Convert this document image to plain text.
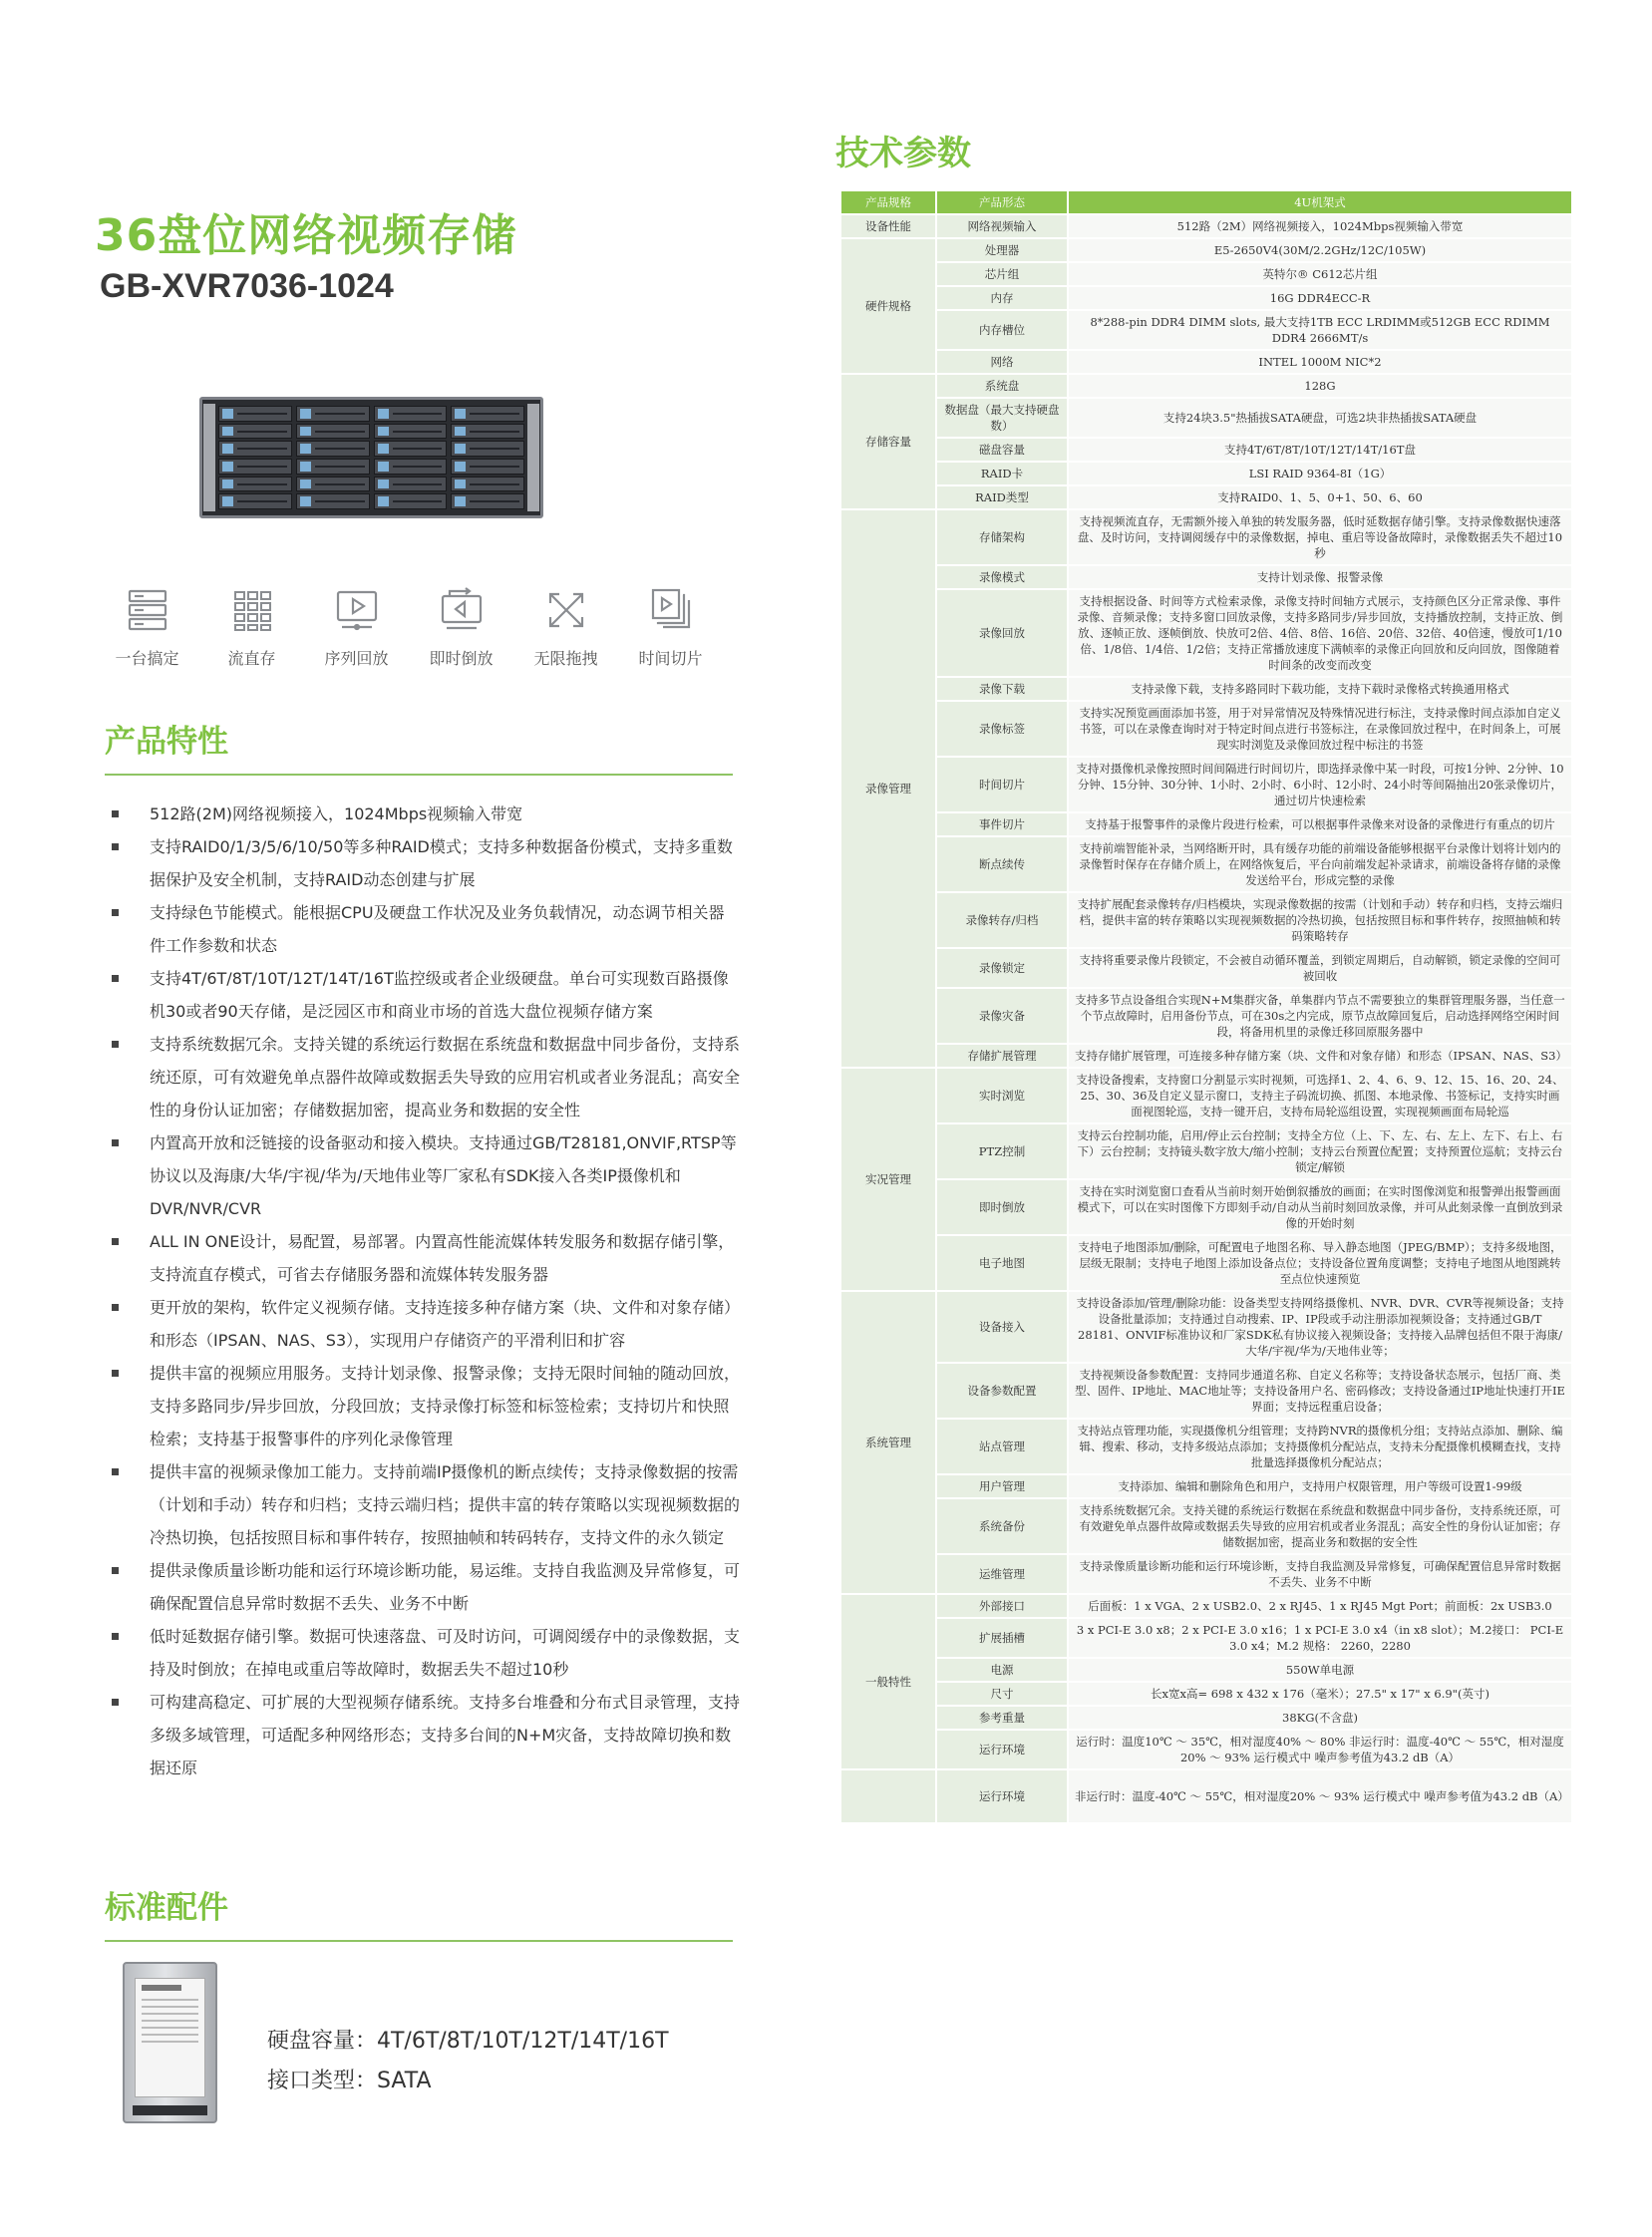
36盘位网络视频存储
GB-XVR7036-1024
一台搞定	流直存	序列回放	即时倒放	无限拖拽	时间切片
产品特性
512路(2M)网络视频接入，1024Mbps视频输入带宽
支持RAID0/1/3/5/6/10/50等多种RAID模式；支持多种数据备份模式，支持多重数据保护及安全机制，支持RAID动态创建与扩展
支持绿色节能模式。能根据CPU及硬盘工作状况及业务负载情况，动态调节相关器件工作参数和状态
支持4T/6T/8T/10T/12T/14T/16T监控级或者企业级硬盘。单台可实现数百路摄像机30或者90天存储，是泛园区市和商业市场的首选大盘位视频存储方案
支持系统数据冗余。支持关键的系统运行数据在系统盘和数据盘中同步备份，支持系统还原，可有效避免单点器件故障或数据丢失导致的应用宕机或者业务混乱；高安全性的身份认证加密；存储数据加密，提高业务和数据的安全性
内置高开放和泛链接的设备驱动和接入模块。支持通过GB/T28181,ONVIF,RTSP等协议以及海康/大华/宇视/华为/天地伟业等厂家私有SDK接入各类IP摄像机和DVR/NVR/CVR
ALL IN ONE设计，易配置，易部署。内置高性能流媒体转发服务和数据存储引擎，支持流直存模式，可省去存储服务器和流媒体转发服务器
更开放的架构，软件定义视频存储。支持连接多种存储方案（块、文件和对象存储）和形态（IPSAN、NAS、S3），实现用户存储资产的平滑利旧和扩容
提供丰富的视频应用服务。支持计划录像、报警录像；支持无限时间轴的随动回放，支持多路同步/异步回放，分段回放；支持录像打标签和标签检索；支持切片和快照检索；支持基于报警事件的序列化录像管理
提供丰富的视频录像加工能力。支持前端IP摄像机的断点续传；支持录像数据的按需（计划和手动）转存和归档；支持云端归档；提供丰富的转存策略以实现视频数据的冷热切换，包括按照目标和事件转存，按照抽帧和转码转存，支持文件的永久锁定
提供录像质量诊断功能和运行环境诊断功能，易运维。支持自我监测及异常修复，可确保配置信息异常时数据不丢失、业务不中断
低时延数据存储引擎。数据可快速落盘、可及时访问，可调阅缓存中的录像数据，支持及时倒放；在掉电或重启等故障时，数据丢失不超过10秒
可构建高稳定、可扩展的大型视频存储系统。支持多台堆叠和分布式目录管理，支持多级多域管理，可适配多种网络形态；支持多台间的N+M灾备，支持故障切换和数据还原
标准配件
硬盘容量：4T/6T/8T/10T/12T/14T/16T
接口类型：SATA
技术参数
产品规格	产品形态	4U机架式
设备性能	网络视频输入	512路（2M）网络视频接入，1024Mbps视频输入带宽
硬件规格	处理器	E5-2650V4(30M/2.2GHz/12C/105W)
	芯片组	英特尔® C612芯片组
	内存	16G DDR4ECC-R
	内存槽位	8*288-pin DDR4 DIMM slots, 最大支持1TB ECC LRDIMM或512GB ECC RDIMM DDR4 2666MT/s
	网络	INTEL 1000M NIC*2
存储容量	系统盘	128G
	数据盘（最大支持硬盘数）	支持24块3.5"热插拔SATA硬盘，可选2块非热插拔SATA硬盘
	磁盘容量	支持4T/6T/8T/10T/12T/14T/16T盘
	RAID卡	LSI RAID 9364-8I（1G）
	RAID类型	支持RAID0、1、5、0+1、50、6、60
录像管理	存储架构	支持视频流直存，无需额外接入单独的转发服务器，低时延数据存储引擎。支持录像数据快速落盘、及时访问，支持调阅缓存中的录像数据，掉电、重启等设备故障时，录像数据丢失不超过10秒
	录像模式	支持计划录像、报警录像
	录像回放	支持根据设备、时间等方式检索录像，录像支持时间轴方式展示，支持颜色区分正常录像、事件录像、音频录像；支持多窗口回放录像，支持多路同步/异步回放，支持播放控制，支持正放、倒放、逐帧正放、逐帧倒放、快放可2倍、4倍、8倍、16倍、20倍、32倍、40倍速，慢放可1/10倍、1/8倍、1/4倍、1/2倍；支持正常播放速度下满帧率的录像正向回放和反向回放，图像随着时间条的改变而改变
	录像下载	支持录像下载，支持多路同时下载功能，支持下载时录像格式转换通用格式
	录像标签	支持实况预览画面添加书签，用于对异常情况及特殊情况进行标注，支持录像时间点添加自定义书签，可以在录像查询时对于特定时间点进行书签标注，在录像回放过程中，在时间条上，可展现实时浏览及录像回放过程中标注的书签
	时间切片	支持对摄像机录像按照时间间隔进行时间切片，即选择录像中某一时段，可按1分钟、2分钟、10分钟、15分钟、30分钟、1小时、2小时、6小时、12小时、24小时等间隔抽出20张录像切片，通过切片快速检索
	事件切片	支持基于报警事件的录像片段进行检索，可以根据事件录像来对设备的录像进行有重点的切片
	断点续传	支持前端智能补录，当网络断开时，具有缓存功能的前端设备能够根据平台录像计划将计划内的录像暂时保存在存储介质上，在网络恢复后，平台向前端发起补录请求，前端设备将存储的录像发送给平台，形成完整的录像
	录像转存/归档	支持扩展配套录像转存/归档模块，实现录像数据的按需（计划和手动）转存和归档，支持云端归档，提供丰富的转存策略以实现视频数据的冷热切换，包括按照目标和事件转存，按照抽帧和转码策略转存
	录像锁定	支持将重要录像片段锁定，不会被自动循环覆盖，到锁定周期后，自动解锁，锁定录像的空间可被回收
	录像灾备	支持多节点设备组合实现N+M集群灾备，单集群内节点不需要独立的集群管理服务器，当任意一个节点故障时，启用备份节点，可在30s之内完成，原节点故障回复后，启动选择网络空闲时间段，将备用机里的录像迁移回原服务器中
	存储扩展管理	支持存储扩展管理，可连接多种存储方案（块、文件和对象存储）和形态（IPSAN、NAS、S3）
实况管理	实时浏览	支持设备搜索，支持窗口分割显示实时视频，可选择1、2、4、6、9、12、15、16、20、24、25、30、36及自定义显示窗口，支持主子码流切换、抓图、本地录像、书签标记，支持实时画面视图轮巡，支持一键开启，支持布局轮巡组设置，实现视频画面布局轮巡
	PTZ控制	支持云台控制功能，启用/停止云台控制；支持全方位（上、下、左、右、左上、左下、右上、右下）云台控制；支持镜头数字放大/缩小控制；支持云台预置位配置；支持预置位巡航；支持云台锁定/解锁
	即时倒放	支持在实时浏览窗口查看从当前时刻开始倒叙播放的画面；在实时图像浏览和报警弹出报警画面模式下，可以在实时图像下方即刻手动/自动从当前时刻回放录像，并可从此刻录像一直倒放到录像的开始时刻
	电子地图	支持电子地图添加/删除，可配置电子地图名称、导入静态地图（JPEG/BMP）；支持多级地图，层级无限制；支持电子地图上添加设备点位；支持设备位置角度调整；支持电子地图从地图跳转至点位快速预览
系统管理	设备接入	支持设备添加/管理/删除功能：设备类型支持网络摄像机、NVR、DVR、CVR等视频设备；支持设备批量添加；支持通过自动搜索、IP、IP段或手动注册添加视频设备；支持通过GB/T 28181、ONVIF标准协议和厂家SDK私有协议接入视频设备；支持接入品牌包括但不限于海康/大华/宇视/华为/天地伟业等；
	设备参数配置	支持视频设备参数配置：支持同步通道名称、自定义名称等；支持设备状态展示，包括厂商、类型、固件、IP地址、MAC地址等；支持设备用户名、密码修改；支持设备通过IP地址快速打开IE界面；支持远程重启设备；
	站点管理	支持站点管理功能，实现摄像机分组管理；支持跨NVR的摄像机分组；支持站点添加、删除、编辑、搜索、移动，支持多级站点添加；支持摄像机分配站点，支持未分配摄像机模糊查找，支持批量选择摄像机分配站点；
	用户管理	支持添加、编辑和删除角色和用户，支持用户权限管理，用户等级可设置1-99级
	系统备份	支持系统数据冗余。支持关键的系统运行数据在系统盘和数据盘中同步备份，支持系统还原，可有效避免单点器件故障或数据丢失导致的应用宕机或者业务混乱；高安全性的身份认证加密；存储数据加密，提高业务和数据的安全性
	运维管理	支持录像质量诊断功能和运行环境诊断，支持自我监测及异常修复，可确保配置信息异常时数据不丢失、业务不中断
一般特性	外部接口	后面板：1 x VGA、2 x USB2.0、2 x RJ45、1 x RJ45 Mgt Port；前面板：2x USB3.0
	扩展插槽	3 x PCI-E 3.0 x8；2 x PCI-E 3.0 x16；1 x PCI-E 3.0 x4（in x8 slot）；M.2接口： PCI-E 3.0 x4；M.2 规格： 2260，2280
	电源	550W单电源
	尺寸	长x宽x高= 698 x 432 x 176（毫米）；27.5" x 17" x 6.9"(英寸)
	参考重量	38KG(不含盘)
	运行环境	运行时：温度10℃ ～ 35℃，相对湿度40% ～ 80% 非运行时：温度-40℃ ～ 55℃，相对湿度20% ～ 93% 运行模式中 噪声参考值为43.2 dB（A）
	运行环境	非运行时：温度-40℃ ～ 55℃，相对湿度20% ～ 93% 运行模式中 噪声参考值为43.2 dB（A）
